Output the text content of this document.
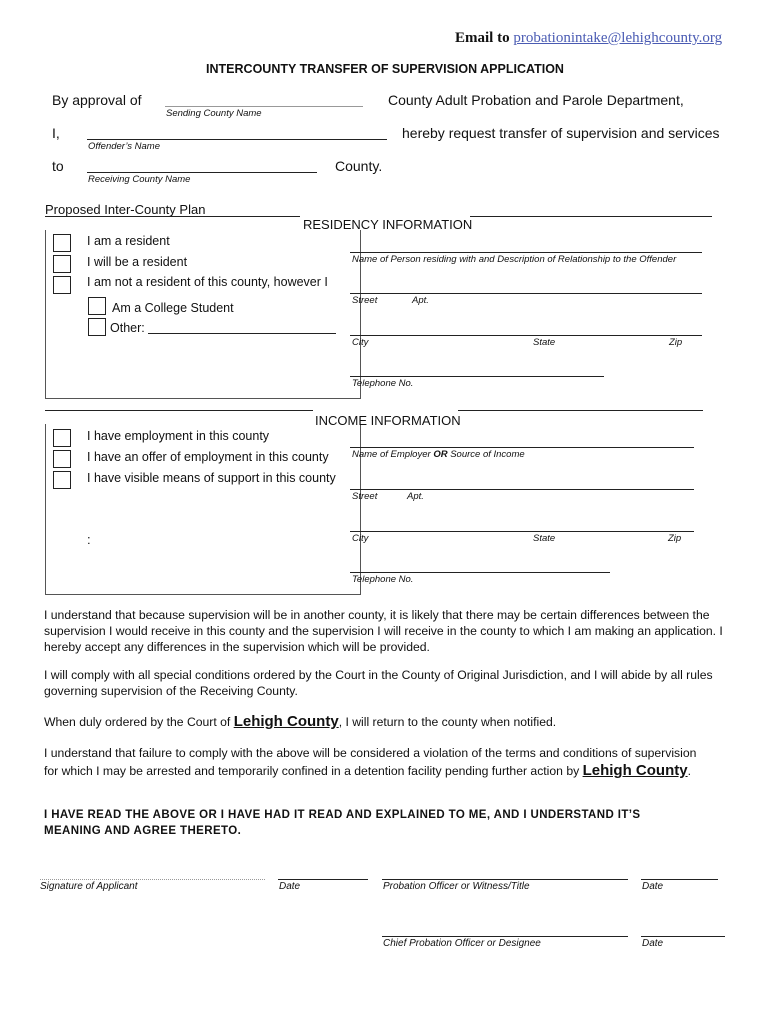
Email to probationintake@lehighcounty.org
INTERCOUNTY TRANSFER OF SUPERVISION APPLICATION
By approval of
Sending County Name
County Adult Probation and Parole Department,
I,
Offender’s Name
hereby request transfer of supervision and services
to
Receiving County Name
County.
Proposed Inter-County Plan
RESIDENCY INFORMATION
I am a resident
I will be a resident
I am not a resident of this county, however I
Am a College Student
Other:
Name of Person residing with and Description of Relationship to the Offender
Street	Apt.
City	State	Zip
Telephone No.
INCOME INFORMATION
I have employment in this county
I have an offer of employment in this county
I have visible means of support in this county
:
Name of Employer OR Source of Income
Street	Apt.
City	State	Zip
Telephone No.
I understand that because supervision will be in another county, it is likely that there may be certain differences between the supervision I would receive in this county and the supervision I will receive in the county to which I am making an application. I hereby accept any differences in the supervision which will be provided.
I will comply with all special conditions ordered by the Court in the County of Original Jurisdiction, and I will abide by all rules governing supervision of the Receiving County.
When duly ordered by the Court of Lehigh County, I will return to the county when notified.
I understand that failure to comply with the above will be considered a violation of the terms and conditions of supervision
for which I may be arrested and temporarily confined in a detention facility pending further action by Lehigh County.
I HAVE READ THE ABOVE OR I HAVE HAD IT READ AND EXPLAINED TO ME, AND I UNDERSTAND IT’S MEANING AND AGREE THERETO.
Signature of Applicant	Date	Probation Officer or Witness/Title	Date
Chief Probation Officer or Designee	Date
